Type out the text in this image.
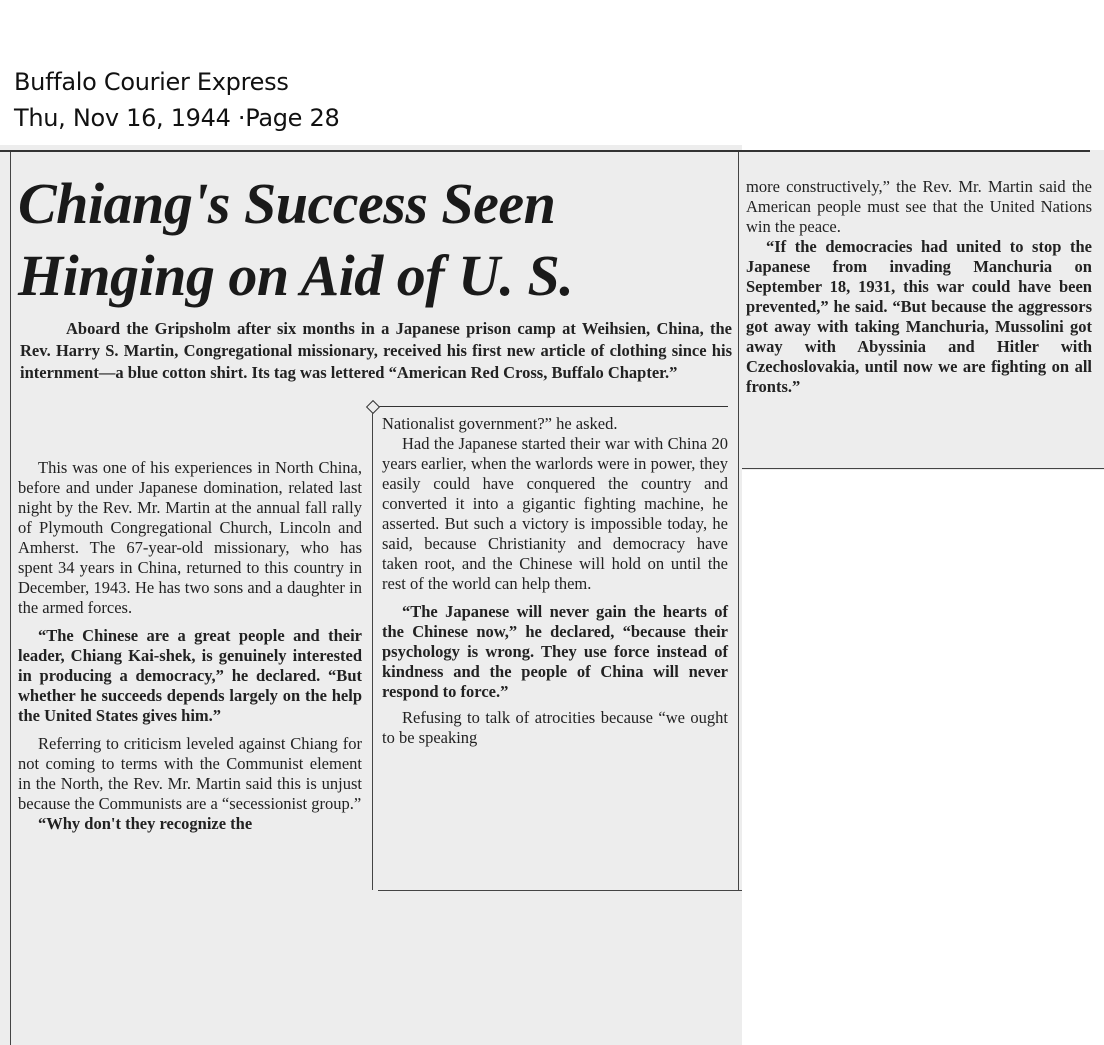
Buffalo Courier Express
Thu, Nov 16, 1944 ·Page 28
Chiang's Success Seen
Hinging on Aid of U. S.

Aboard the Gripsholm after six months in a Japanese prison camp at Weihsien, China, the Rev. Harry S. Martin, Congregational missionary, received his first new article of clothing since his internment—a blue cotton shirt. Its tag was lettered “American Red Cross, Buffalo Chapter.”

This was one of his experiences in North China, before and under Japanese domination, related last night by the Rev. Mr. Martin at the annual fall rally of Plymouth Congregational Church, Lincoln and Amherst. The 67-year-old missionary, who has spent 34 years in China, returned to this country in December, 1943. He has two sons and a daughter in the armed forces.

“The Chinese are a great people and their leader, Chiang Kai-shek, is genuinely interested in producing a democracy,” he declared. “But whether he succeeds depends largely on the help the United States gives him.”

Referring to criticism leveled against Chiang for not coming to terms with the Communist element in the North, the Rev. Mr. Martin said this is unjust because the Communists are a “secessionist group.”

“Why don't they recognize the

Nationalist government?” he asked.

Had the Japanese started their war with China 20 years earlier, when the warlords were in power, they easily could have conquered the country and converted it into a gigantic fighting machine, he asserted. But such a victory is impossible today, he said, because Christianity and democracy have taken root, and the Chinese will hold on until the rest of the world can help them.

“The Japanese will never gain the hearts of the Chinese now,” he declared, “because their psychology is wrong. They use force instead of kindness and the people of China will never respond to force.”

Refusing to talk of atrocities because “we ought to be speaking

more constructively,” the Rev. Mr. Martin said the American people must see that the United Nations win the peace.

“If the democracies had united to stop the Japanese from invading Manchuria on September 18, 1931, this war could have been prevented,” he said. “But because the aggressors got away with taking Manchuria, Mussolini got away with Abyssinia and Hitler with Czechoslovakia, until now we are fighting on all fronts.”
